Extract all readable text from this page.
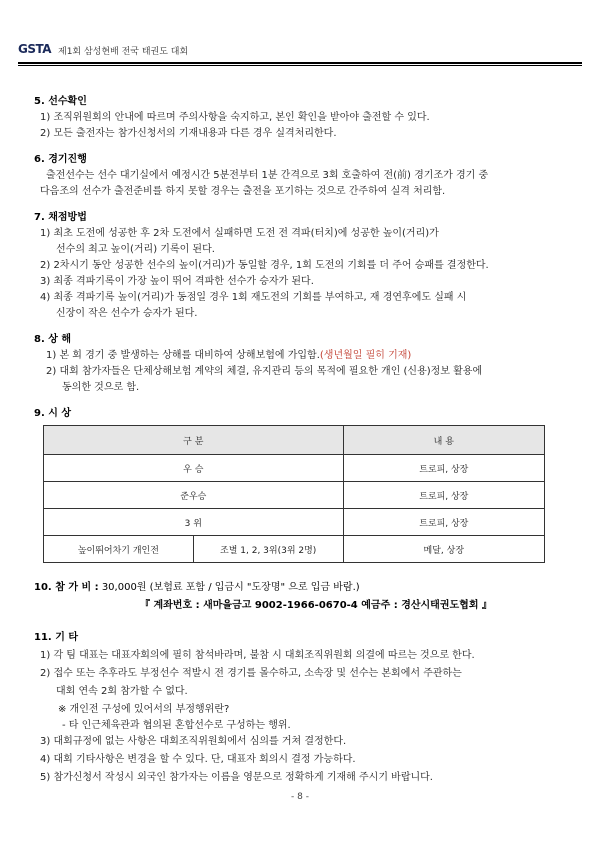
GSTA 제1회 삼성현배 전국 태권도 대회
5. 선수확인
1) 조직위원회의 안내에 따르며 주의사항을 숙지하고, 본인 확인을 받아야 출전할 수 있다.
2) 모든 출전자는 참가신청서의 기재내용과 다른 경우 실격처리한다.
6. 경기진행
출전선수는 선수 대기실에서 예정시간 5분전부터 1분 간격으로 3회 호출하여 전(前) 경기조가 경기 중
다음조의 선수가 출전준비를 하지 못할 경우는 출전을 포기하는 것으로 간주하여 실격 처리함.
7. 채점방법
1) 최초 도전에 성공한 후 2차 도전에서 실패하면 도전 전 격파(터치)에 성공한 높이(거리)가
선수의 최고 높이(거리) 기록이 된다.
2) 2차시기 동안 성공한 선수의 높이(거리)가 동일할 경우, 1회 도전의 기회를 더 주어 승패를 결정한다.
3) 최종 격파기록이 가장 높이 뛰어 격파한 선수가 승자가 된다.
4) 최종 격파기록 높이(거리)가 동점일 경우 1회 재도전의 기회를 부여하고, 재 경연후에도 실패 시
신장이 작은 선수가 승자가 된다.
8. 상 해
1) 본 회 경기 중 발생하는 상해를 대비하여 상해보험에 가입함.(생년월일 필히 기재)
2) 대회 참가자들은 단체상해보험 계약의 체결, 유지관리 등의 목적에 필요한 개인 (신용)정보 활용에
동의한 것으로 함.
9. 시 상
구 분		내 용
우 승		트로피, 상장
준우승		트로피, 상장
3 위		트로피, 상장
높이뛰어차기 개인전	조별 1, 2, 3위(3위 2명)	메달, 상장
10. 참 가 비 : 30,000원 (보험료 포함 / 입금시 "도장명" 으로 입금 바람.)
『 계좌번호 : 새마을금고 9002-1966-0670-4 예금주 : 경산시태권도협회 』
11. 기 타
1) 각 팀 대표는 대표자회의에 필히 참석바라며, 불참 시 대회조직위원회 의결에 따르는 것으로 한다.
2) 접수 또는 추후라도 부정선수 적발시 전 경기를 몰수하고, 소속장 및 선수는 본회에서 주관하는
대회 연속 2회 참가할 수 없다.
※ 개인전 구성에 있어서의 부정행위란?
- 타 인근체육관과 협의된 혼합선수로 구성하는 행위.
3) 대회규정에 없는 사항은 대회조직위원회에서 심의를 거쳐 결정한다.
4) 대회 기타사항은 변경을 할 수 있다. 단, 대표자 회의시 결정 가능하다.
5) 참가신청서 작성시 외국인 참가자는 이름을 영문으로 정확하게 기재해 주시기 바랍니다.
- 8 -
